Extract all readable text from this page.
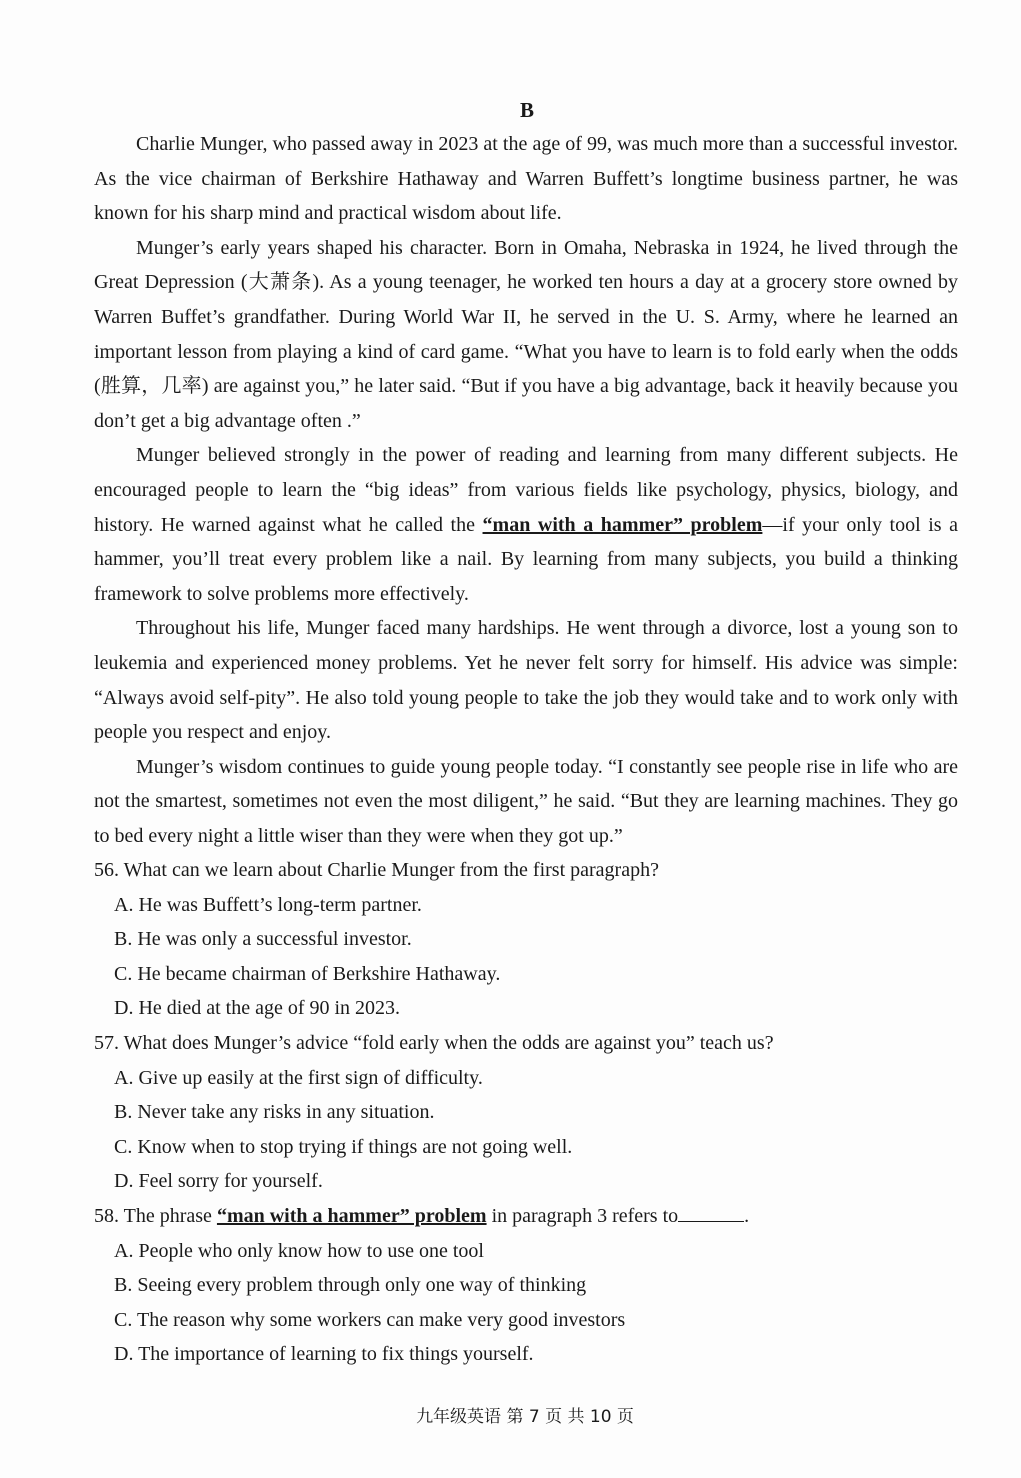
B

Charlie Munger, who passed away in 2023 at the age of 99, was much more than a successful investor. As the vice chairman of Berkshire Hathaway and Warren Buffett’s longtime business partner, he was known for his sharp mind and practical wisdom about life.

Munger’s early years shaped his character. Born in Omaha, Nebraska in 1924, he lived through the Great Depression (大萧条). As a young teenager, he worked ten hours a day at a grocery store owned by Warren Buffet’s grandfather. During World War II, he served in the U. S. Army, where he learned an important lesson from playing a kind of card game. “What you have to learn is to fold early when the odds (胜算，几率) are against you,” he later said. “But if you have a big advantage, back it heavily because you don’t get a big advantage often .”

Munger believed strongly in the power of reading and learning from many different subjects. He encouraged people to learn the “big ideas” from various fields like psychology, physics, biology, and history. He warned against what he called the “man with a hammer” problem—if your only tool is a hammer, you’ll treat every problem like a nail. By learning from many subjects, you build a thinking framework to solve problems more effectively.

Throughout his life, Munger faced many hardships. He went through a divorce, lost a young son to leukemia and experienced money problems. Yet he never felt sorry for himself. His advice was simple: “Always avoid self-pity”. He also told young people to take the job they would take and to work only with people you respect and enjoy.

Munger’s wisdom continues to guide young people today. “I constantly see people rise in life who are not the smartest, sometimes not even the most diligent,” he said. “But they are learning machines. They go to bed every night a little wiser than they were when they got up.”

56. What can we learn about Charlie Munger from the first paragraph?

A. He was Buffett’s long-term partner.

B. He was only a successful investor.

C. He became chairman of Berkshire Hathaway.

D. He died at the age of 90 in 2023.

57. What does Munger’s advice “fold early when the odds are against you” teach us?

A. Give up easily at the first sign of difficulty.

B. Never take any risks in any situation.

C. Know when to stop trying if things are not going well.

D. Feel sorry for yourself.

58. The phrase “man with a hammer” problem in paragraph 3 refers to	.

A. People who only know how to use one tool

B. Seeing every problem through only one way of thinking

C. The reason why some workers can make very good investors

D. The importance of learning to fix things yourself.

九年级英语 第 7 页 共 10 页
